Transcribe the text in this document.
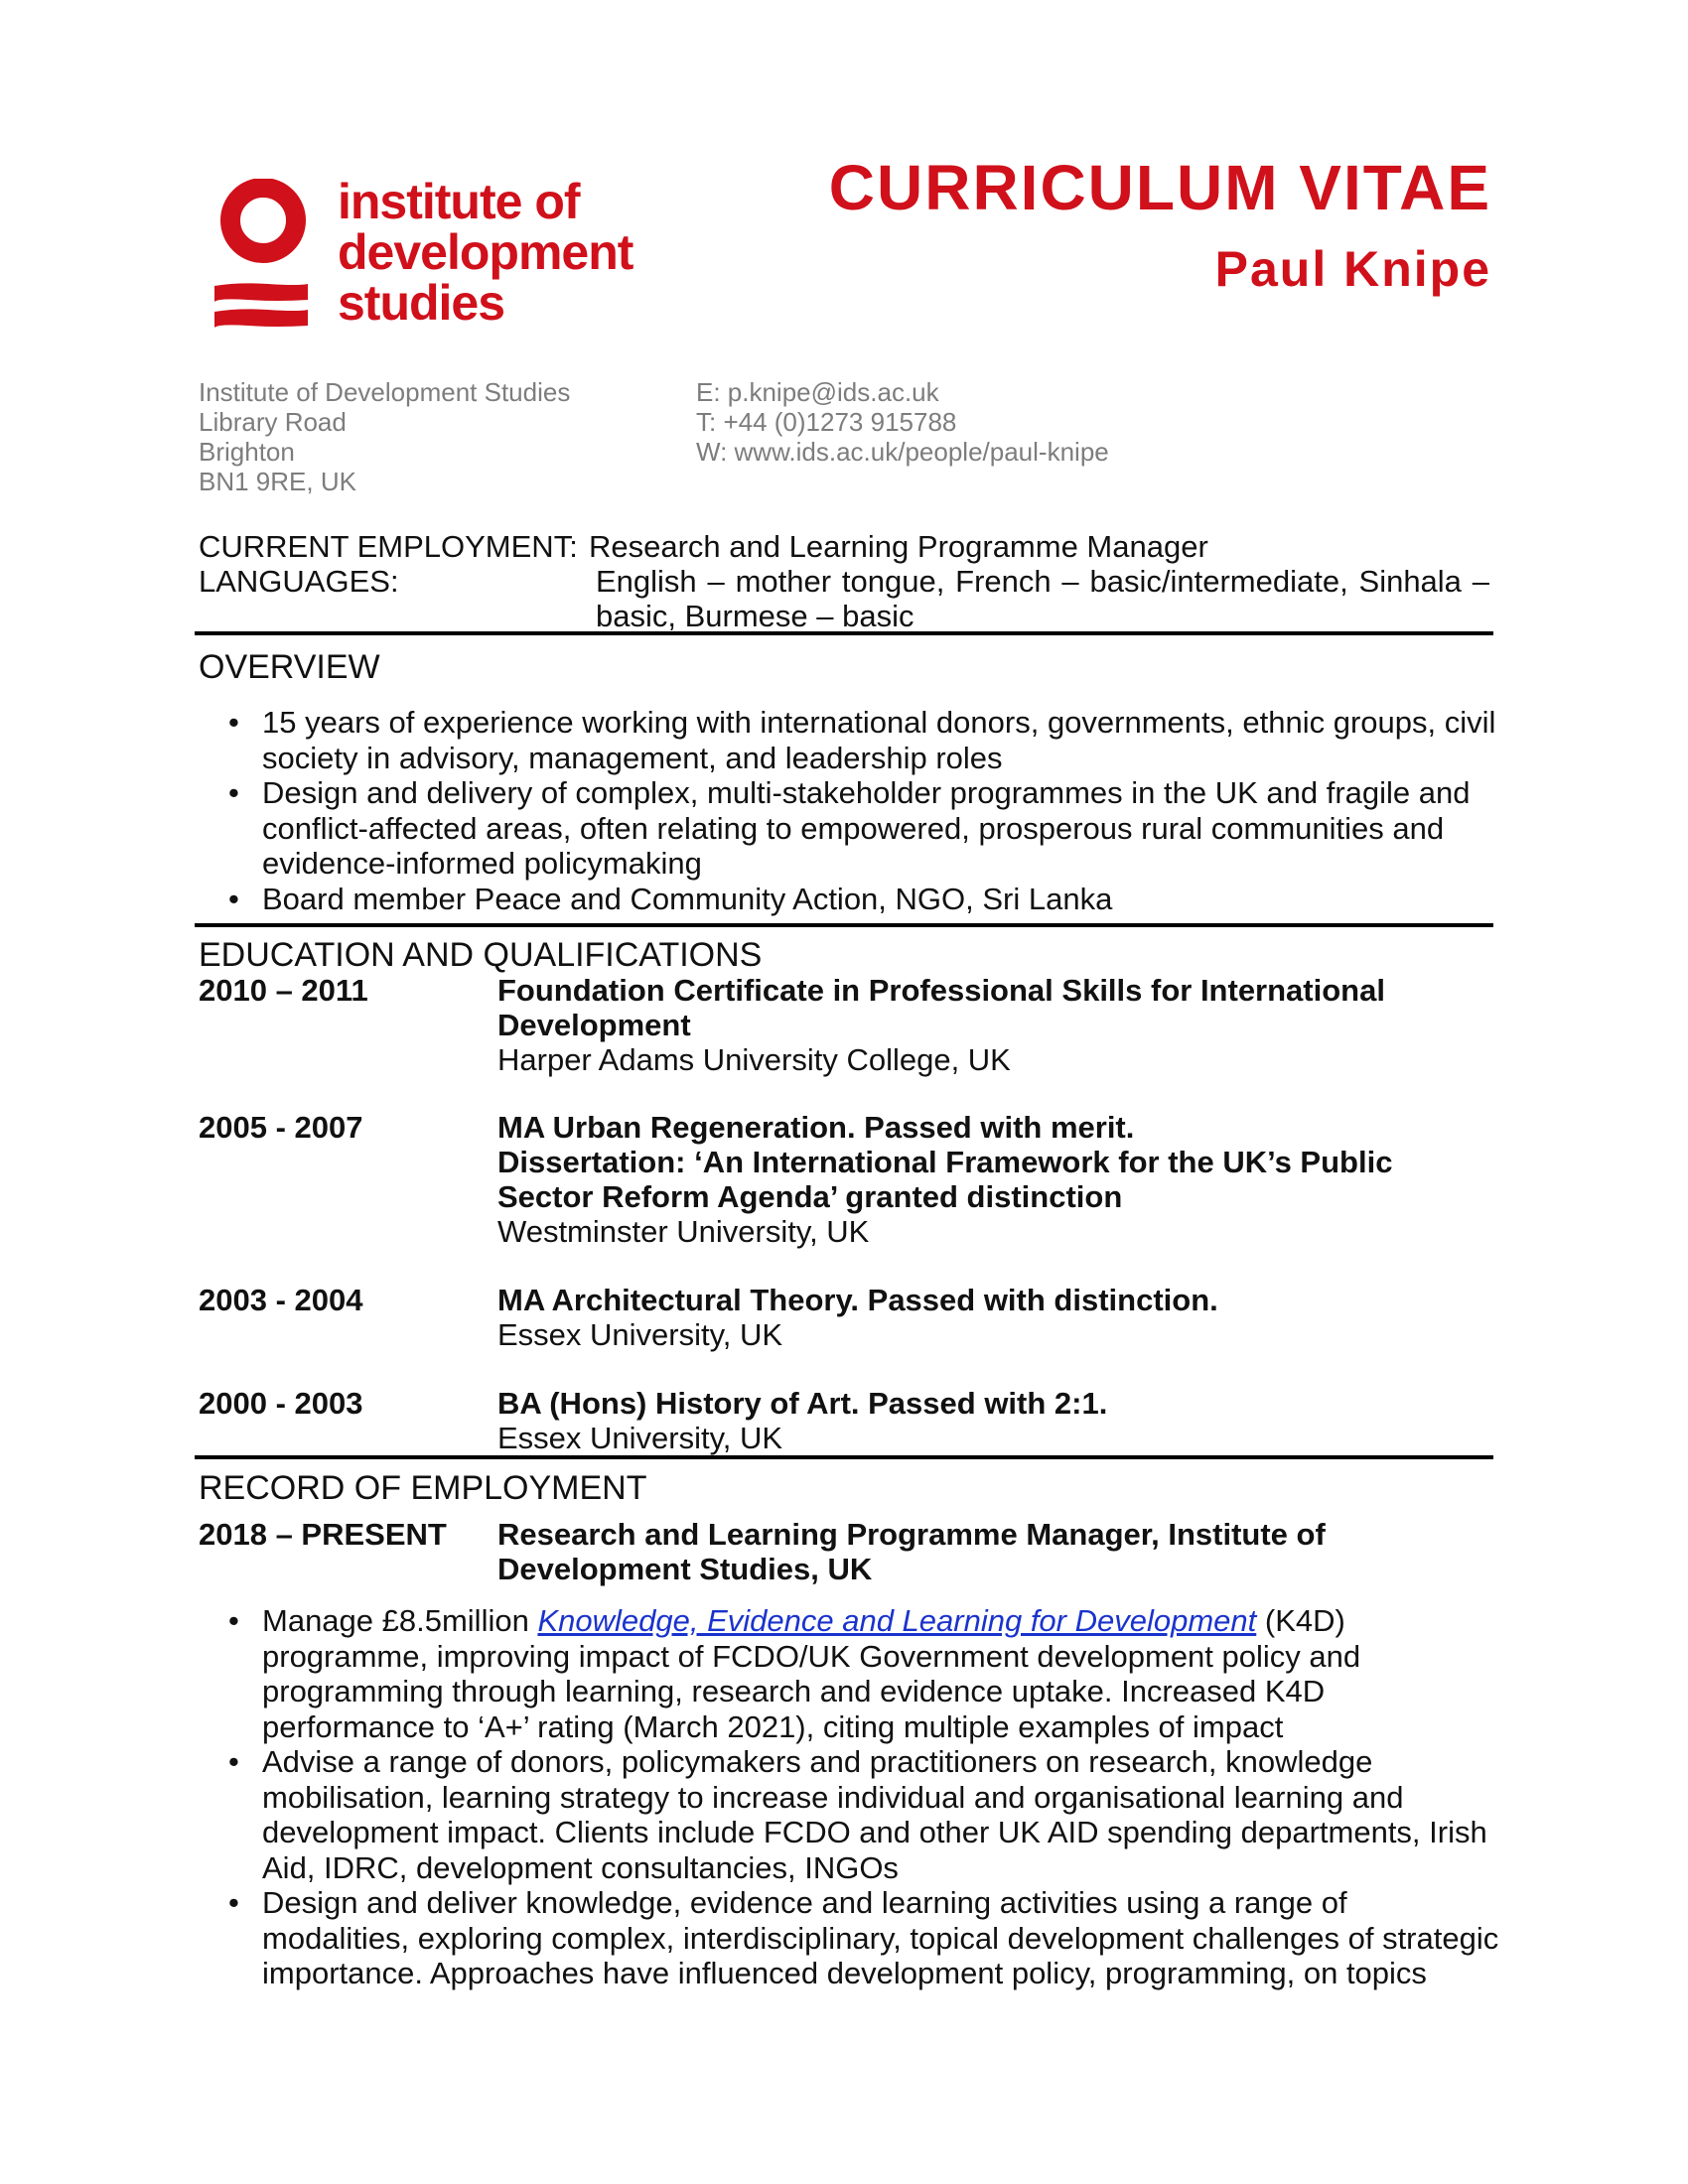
institute of
development
studies
CURRICULUM VITAE
Paul Knipe
Institute of Development Studies
Library Road
Brighton
BN1 9RE, UK
E: p.knipe@ids.ac.uk
T: +44 (0)1273 915788
W: www.ids.ac.uk/people/paul-knipe
CURRENT EMPLOYMENT: Research and Learning Programme Manager
LANGUAGES:	English – mother tongue, French – basic/intermediate, Sinhala – basic, Burmese – basic
OVERVIEW
• 15 years of experience working with international donors, governments, ethnic groups, civil society in advisory, management, and leadership roles
• Design and delivery of complex, multi-stakeholder programmes in the UK and fragile and conflict-affected areas, often relating to empowered, prosperous rural communities and evidence-informed policymaking
• Board member Peace and Community Action, NGO, Sri Lanka
EDUCATION AND QUALIFICATIONS
2010 – 2011	Foundation Certificate in Professional Skills for International Development
Harper Adams University College, UK
2005 - 2007	MA Urban Regeneration. Passed with merit.
Dissertation: ‘An International Framework for the UK’s Public Sector Reform Agenda’ granted distinction
Westminster University, UK
2003 - 2004	MA Architectural Theory. Passed with distinction.
Essex University, UK
2000 - 2003	BA (Hons) History of Art. Passed with 2:1.
Essex University, UK
RECORD OF EMPLOYMENT
2018 – PRESENT Research and Learning Programme Manager, Institute of Development Studies, UK
• Manage £8.5million Knowledge, Evidence and Learning for Development (K4D) programme, improving impact of FCDO/UK Government development policy and programming through learning, research and evidence uptake. Increased K4D performance to ‘A+’ rating (March 2021), citing multiple examples of impact
• Advise a range of donors, policymakers and practitioners on research, knowledge mobilisation, learning strategy to increase individual and organisational learning and development impact. Clients include FCDO and other UK AID spending departments, Irish Aid, IDRC, development consultancies, INGOs
• Design and deliver knowledge, evidence and learning activities using a range of modalities, exploring complex, interdisciplinary, topical development challenges of strategic importance. Approaches have influenced development policy, programming, on topics
